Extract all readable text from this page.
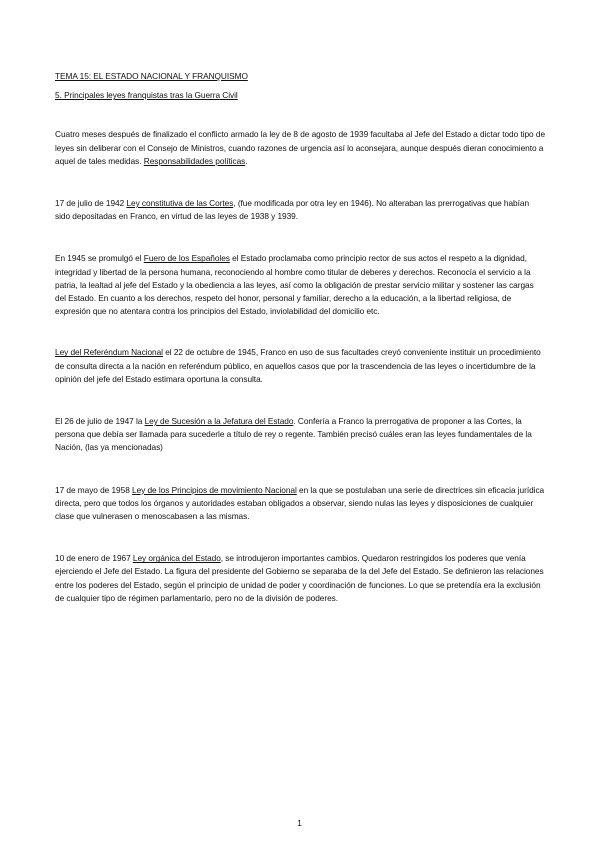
TEMA 15: EL ESTADO NACIONAL Y FRANQUISMO
5. Principales leyes franquistas tras la Guerra Civil

Cuatro meses después de finalizado el conflicto armado la ley de 8 de agosto de 1939 facultaba al Jefe del Estado a dictar todo tipo de leyes sin deliberar con el Consejo de Ministros, cuando razones de urgencia así lo aconsejara, aunque después dieran conocimiento a aquel de tales medidas. Responsabilidades políticas.

17 de julio de 1942 Ley constitutiva de las Cortes, (fue modificada por otra ley en 1946). No alteraban las prerrogativas que habían sido depositadas en Franco, en virtud de las leyes de 1938 y 1939.

En 1945 se promulgó el Fuero de los Españoles el Estado proclamaba como principio rector de sus actos el respeto a la dignidad, integridad y libertad de la persona humana, reconociendo al hombre como titular de deberes y derechos. Reconocía el servicio a la patria, la lealtad al jefe del Estado y la obediencia a las leyes, así como la obligación de prestar servicio militar y sostener las cargas del Estado. En cuanto a los derechos, respeto del honor, personal y familiar, derecho a la educación, a la libertad religiosa, de expresión que no atentara contra los principios del Estado, inviolabilidad del domicilio etc.

Ley del Referéndum Nacional el 22 de octubre de 1945, Franco en uso de sus facultades creyó conveniente instituir un procedimiento de consulta directa a la nación en referéndum público, en aquellos casos que por la trascendencia de las leyes o incertidumbre de la opinión del jefe del Estado estimara oportuna la consulta.

El 26 de julio de 1947 la Ley de Sucesión a la Jefatura del Estado. Confería a Franco la prerrogativa de proponer a las Cortes, la persona que debía ser llamada para sucederle a título de rey o regente. También precisó cuáles eran las leyes fundamentales de la Nación, (las ya mencionadas)

17 de mayo de 1958 Ley de los Principios de movimiento Nacional en la que se postulaban una serie de directrices sin eficacia jurídica directa, pero que todos los órganos y autoridades estaban obligados a observar, siendo nulas las leyes y disposiciones de cualquier clase que vulnerasen o menoscabasen a las mismas.

10 de enero de 1967 Ley orgánica del Estado, se introdujeron importantes cambios. Quedaron restringidos los poderes que venía ejerciendo el Jefe del Estado. La figura del presidente del Gobierno se separaba de la del Jefe del Estado. Se definieron las relaciones entre los poderes del Estado, según el principio de unidad de poder y coordinación de funciones. Lo que se pretendía era la exclusión de cualquier tipo de régimen parlamentario, pero no de la división de poderes.

1
